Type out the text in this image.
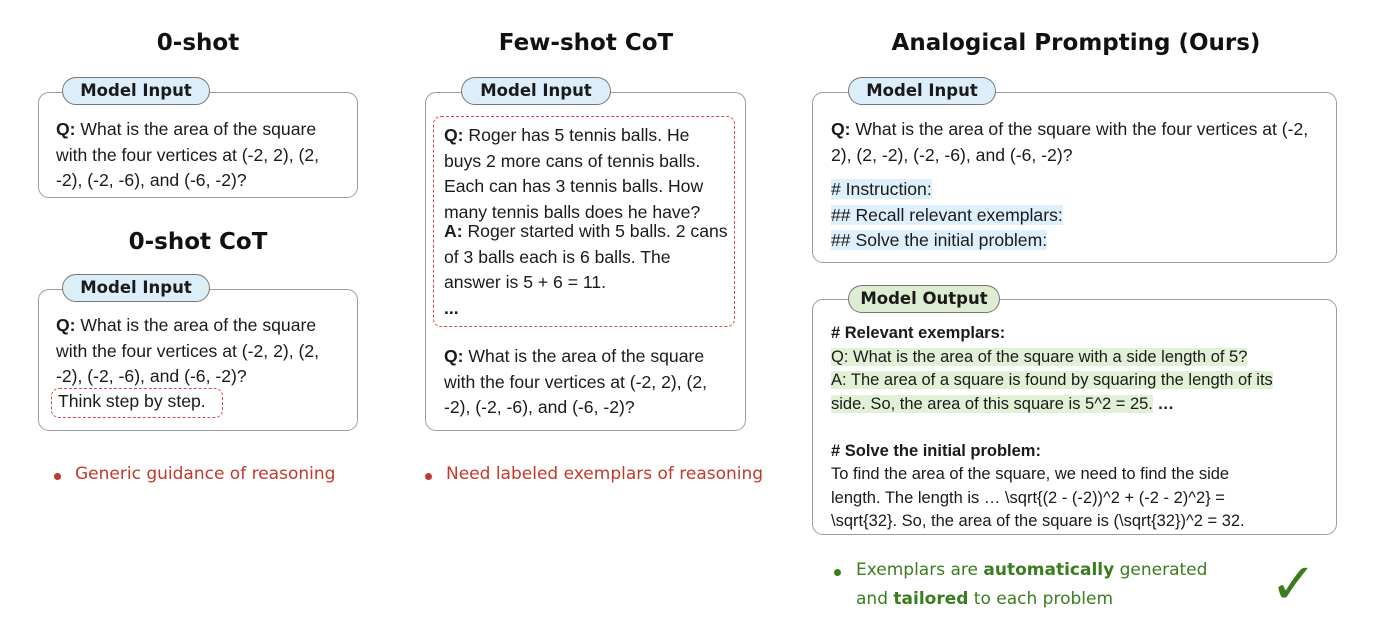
0-shot
0-shot CoT
Few-shot CoT	Analogical Prompting (Ours)
Model Input
Q: What is the area of the square with the four vertices at (-2, 2), (2, -2), (-2, -6), and (-6, -2)?
Model Input
Q: What is the area of the square with the four vertices at (-2, 2), (2, -2), (-2, -6), and (-6, -2)?
Think step by step.
Model Input
Q: Roger has 5 tennis balls. He buys 2 more cans of tennis balls. Each can has 3 tennis balls. How many tennis balls does he have?
A: Roger started with 5 balls. 2 cans of 3 balls each is 6 balls. The answer is 5 + 6 = 11.
...
Q: What is the area of the square with the four vertices at (-2, 2), (2, -2), (-2, -6), and (-6, -2)?
Model Input
Q: What is the area of the square with the four vertices at (-2, 2), (2, -2), (-2, -6), and (-6, -2)?
# Instruction:
## Recall relevant exemplars:
## Solve the initial problem:
Model Output
# Relevant exemplars:
Q: What is the area of the square with a side length of 5?
A: The area of a square is found by squaring the length of its
side. So, the area of this square is 5^2 = 25. …

# Solve the initial problem:
To find the area of the square, we need to find the side
length. The length is … \sqrt{(2 - (-2))^2 + (-2 - 2)^2} =
\sqrt{32}. So, the area of the square is (\sqrt{32})^2 = 32.
Generic guidance of reasoning	Need labeled exemplars of reasoning
Exemplars are automatically generated
and tailored to each problem	✓
